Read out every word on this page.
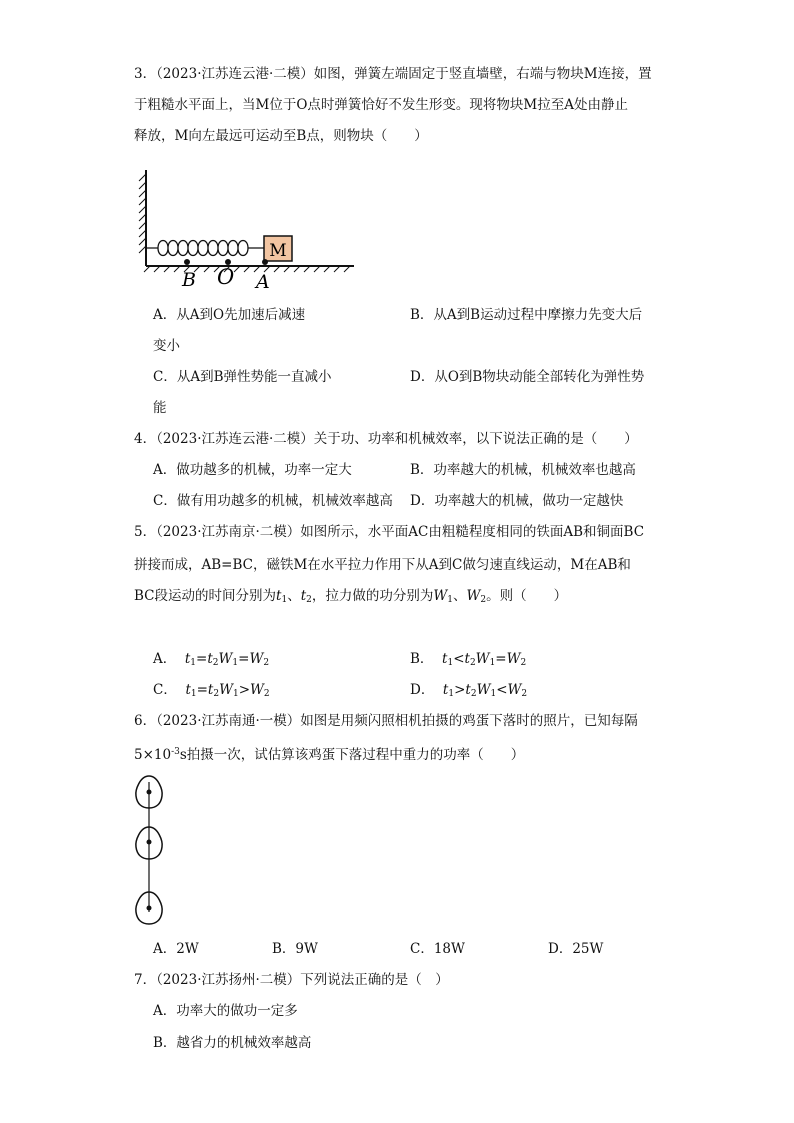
3．（2023·江苏连云港·二模）如图，弹簧左端固定于竖直墙壁，右端与物块M连接，置
于粗糙水平面上，当M位于O点时弹簧恰好不发生形变。现将物块M拉至A处由静止
释放，M向左最远可运动至B点，则物块（　　）
M
B O A
A．从A到O先加速后减速	B．从A到B运动过程中摩擦力先变大后
变小
C．从A到B弹性势能一直减小	D．从O到B物块动能全部转化为弹性势
能
4．（2023·江苏连云港·二模）关于功、功率和机械效率，以下说法正确的是（　　）
A．做功越多的机械，功率一定大	B．功率越大的机械，机械效率也越高
C．做有用功越多的机械，机械效率越高 D．功率越大的机械，做功一定越快
5．（2023·江苏南京·二模）如图所示，水平面AC由粗糙程度相同的铁面AB和铜面BC
拼接而成，AB=BC，磁铁M在水平拉力作用下从A到C做匀速直线运动，M在AB和
BC段运动的时间分别为$t_1$、$t_2$，拉力做的功分别为$W_1$、$W_2$。则（　　）
A． $t_1=t_2W_1=W_2$	B． $t_1<t_2W_1=W_2$
C． $t_1=t_2W_1>W_2$	D． $t_1>t_2W_1<W_2$
6．（2023·江苏南通·一模）如图是用频闪照相机拍摄的鸡蛋下落时的照片，已知每隔
$5\times 10^{-3}s$拍摄一次，试估算该鸡蛋下落过程中重力的功率（　　）
A．2W	B．9W	C．18W	D．25W
7．（2023·江苏扬州·二模）下列说法正确的是（　）
A．功率大的做功一定多
B．越省力的机械效率越高
